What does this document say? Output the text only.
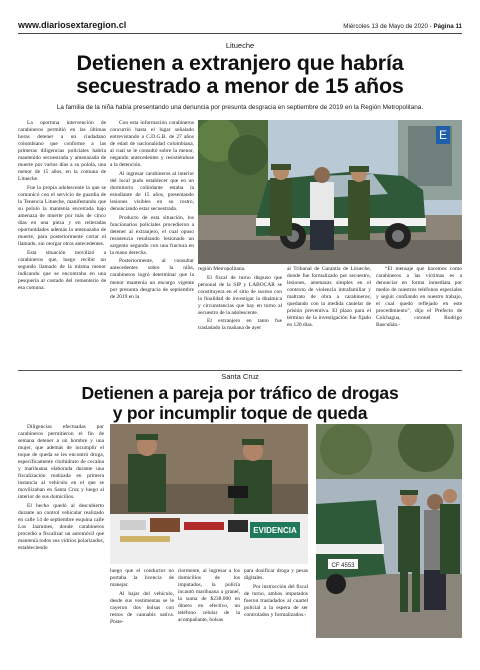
www.diariosextaregion.cl	Miércoles 13 de Mayo de 2020 - Página 11
Litueche
Detienen a extranjero que habría
secuestrado a menor de 15 años
La familia de la niña había presentando una denuncia por presunta desgracia en septiembre de 2019 en la Región Metropolitana.

La oportuna intervención de carabineros permitió en las últimas horas detener a un ciudadano colombiano que conforme a las primeras diligencias policiales habría mantenido secuestrada y amenazada de muerte por varios días a su polola, una menor de 15 años, en la comuna de Litueche.

Fue la propia adolescente la que se comunicó con el servicio de guardia de la Tenencia Litueche, manifestando que su pololo la mantenía encerrada bajo amenaza de muerte por más de cinco días en una pieza y en reiteradas oportunidades además la amenazaba de muerte, para posteriormente cortar el llamado, sin otorgar otros antecedentes.

Esta situación movilizó a carabineros que, luego recibir un segundo llamado de la misma menor indicando que se encontraba en una pesquería al costado del cementerio de esa comuna.

Con esta información carabineros concurrió hasta el lugar señalado entrevistando a C.D.G.B. de 27 años de edad de nacionalidad colombiana, al cual se le consultó sobre la menor, negando antecedentes y resistiéndose a la detención.

Al ingresar carabineros al interior del local pudo establecer que en un dormitorio colindante estaba la estudiante de 15 años, presentando lesiones visibles en su rostro, denunciando estar secuestrada.

Producto de esta situación, los funcionarios policiales procedieron a detener al extranjero, el cual opuso resistencia resultando lesionado un sargento segundo con una fractura en la mano derecha.

Posteriormente, al consultar antecedentes sobre la niña, carabineros logró determinar que la menor mantenía un encargo vigente por presunta desgracia de septiembre de 2019 en la

E

región Metropolitana.

El fiscal de turno dispuso que personal de la SIP y LABOCAR se constituyera en el sitio de suceso con la finalidad de investigar la dinámica y circunstancias que hay en torno al secuestro de la adolescente.

El extranjero en tanto fue trasladado la mañana de ayer

al Tribunal de Garantía de Litueche, donde fue formalizado por secuestro, lesiones, amenazas simples en el contexto de violencia intrafamiliar y maltrato de obra a carabineros, quedando con la medida cautelar de prisión preventiva. El plazo para el término de la investigación fue fijado en 120 días.

“El mensaje que hacemos como carabineros a las víctimas es a denunciar en forma inmediata por medio de nuestros teléfonos especiales y seguir confiando en nuestro trabajo, el cual quedó reflejado en este procedimiento”, dijo el Prefecto de Colchagua, coronel Rodrigo Bascuñán.-

Santa Cruz
Detienen a pareja por tráfico de drogas
y por incumplir toque de queda

Diligencias efectuadas por carabineros permitieron el fin de semana detener a un hombre y una mujer, que además de incumplir el toque de queda se les encontró droga, específicamente clorhidrato de cocaína y marihuana elaborada durante una fiscalización realizada en primera instancia al vehículo en el que se movilizaban en Santa Cruz y luego al interior de sus domicilios.

El hecho quedó al descubierto durante un control vehicular realizado en calle 14 de septiembre esquina calle Los Jazmines, donde carabineros procedió a fiscalizar un automóvil que mantenía todos sus vidrios polarizados, estableciendo

EVIDENCIA
CF 4553

luego que el conductor no portaba la licencia de manejar.

Al bajar del vehículo, desde sus vestimentas se le cayeron dos bolsas con restos de cannabis sativa. Poste-

riormente, al ingresar a los domicilios de los imputados, la policía incautó marihuana a granel, la suma de $238.000 en dinero en efectivo, un teléfono celular de la acompañante, bolsas

para dosificar droga y pesas digitales.

Por instrucción del fiscal de turno, ambos imputados fueron trasladados al cuartel policial a la espera de ser controlados y formalizados.-
